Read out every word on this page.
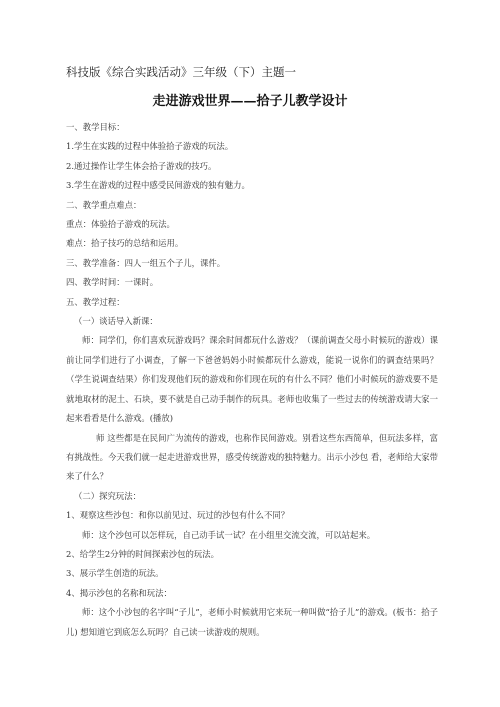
科技版《综合实践活动》三年级（下）主题一
走进游戏世界——拾子儿教学设计
一、教学目标：
1.学生在实践的过程中体验拾子游戏的玩法。
2.通过操作让学生体会拾子游戏的技巧。
3.学生在游戏的过程中感受民间游戏的独有魅力。
二、教学重点难点：
重点：体验拾子游戏的玩法。
难点：拾子技巧的总结和运用。
三、教学准备：四人一组五个子儿，课件。
四、教学时间：一课时。
五、教学过程：
（一）谈话导入新课：
师：同学们，你们喜欢玩游戏吗？课余时间都玩什么游戏？（课前调查父母小时候玩的游戏）课前让同学们进行了小调查，了解一下爸爸妈妈小时候都玩什么游戏，能说一说你们的调查结果吗？（学生说调查结果）你们发现他们玩的游戏和你们现在玩的有什么不同？他们小时候玩的游戏要不是就地取材的泥土、石块，要不就是自己动手制作的玩具。老师也收集了一些过去的传统游戏请大家一起来看看是什么游戏。(播放)
师 这些都是在民间广为流传的游戏，也称作民间游戏。别看这些东西简单，但玩法多样，富有挑战性。今天我们就一起走进游戏世界，感受传统游戏的独特魅力。出示小沙包 看，老师给大家带来了什么？
（二）探究玩法：
1、观察这些沙包：和你以前见过、玩过的沙包有什么不同？
师：这个沙包可以怎样玩，自己动手试一试？在小组里交流交流，可以站起来。
2、给学生2分钟的时间探索沙包的玩法。
3、展示学生创造的玩法。
4、揭示沙包的名称和玩法：
师：这个小沙包的名字叫“子儿”，老师小时候就用它来玩一种叫做“拾子儿”的游戏。(板书：拾子儿) 想知道它到底怎么玩吗？自己读一读游戏的规则。
